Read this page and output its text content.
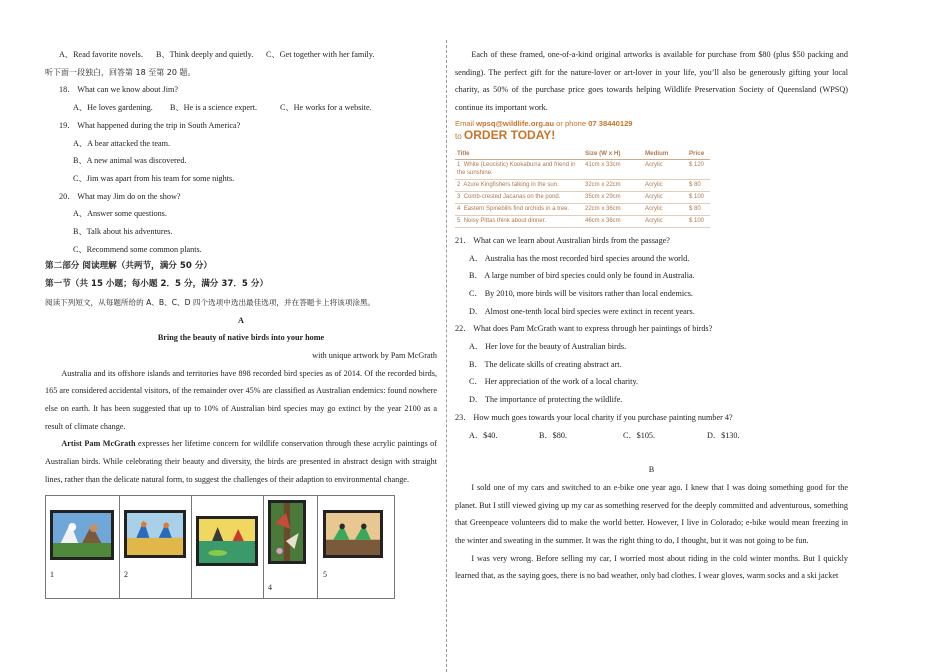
A、Read favorite novels.	B、Think deeply and quietly.	C、Get together with her family.
听下面一段独白，回答第 18 至第 20 题。
18． What can we know about Jim?
A、He loves gardening.	B、He is a science expert.	C、He works for a website.
19． What happened during the trip in South America?
A、A bear attacked the team.
B、A new animal was discovered.
C、Jim was apart from his team for some nights.
20． What may Jim do on the show?
A、Answer some questions.
B、Talk about his adventures.
C、Recommend some common plants.
第二部分 阅读理解（共两节，满分 50 分）
第一节（共 15 小题；每小题 2．5 分，满分 37．5 分）
阅读下列短文，从每题所给的 A、B、C、D 四个选项中选出最佳选项，并在答题卡上将该项涂黑。
A
Bring the beauty of native birds into your home
with unique artwork by Pam McGrath

Australia and its offshore islands and territories have 898 recorded bird species as of 2014. Of the recorded birds, 165 are considered accidental visitors, of the remainder over 45% are classified as Australian endemics: found nowhere else on earth. It has been suggested that up to 10% of Australian bird species may go extinct by the year 2100 as a result of climate change.

Artist Pam McGrath expresses her lifetime concern for wildlife conservation through these acrylic paintings of Australian birds. While celebrating their beauty and diversity, the birds are presented in abstract design with straight lines, rather than the delicate natural form, to suggest the challenges of their adaption to environmental change.

1	2
3
4
5

Each of these framed, one-of-a-kind original artworks is available for purchase from $80 (plus $50 packing and sending). The perfect gift for the nature-lover or art-lover in your life, you’ll also be generously gifting your local charity, as 50% of the purchase price goes towards helping Wildlife Preservation Society of Queensland (WPSQ) continue its important work.

Email wpsq@wildlife.org.au or phone 07 38440129
to ORDER TODAY!
Title	Size (W x H)	Medium	Price
1 White (Leucistic) Kookaburra and friend in the sunshine.	41cm x 33cm	Acrylic	$ 120
2 Azure Kingfishers talking in the sun.	32cm x 22cm	Acrylic	$ 80
3 Comb-crested Jacanas on the pond.	35cm x 29cm	Acrylic	$ 100
4 Eastern Spinebills find orchids in a tree.	22cm x 36cm	Acrylic	$ 80
5 Noisy Pittas think about dinner.	46cm x 36cm	Acrylic	$ 100
21． What can we learn about Australian birds from the passage?
A． Australia has the most recorded bird species around the world.
B． A large number of bird species could only be found in Australia.
C． By 2010, more birds will be visitors rather than local endemics.
D． Almost one-tenth local bird species were extinct in recent years.
22． What does Pam McGrath want to express through her paintings of birds?
A． Her love for the beauty of Australian birds.
B． The delicate skills of creating abstract art.
C． Her appreciation of the work of a local charity.
D． The importance of protecting the wildlife.
23． How much goes towards your local charity if you purchase painting number 4?
A．$40.	B．$80.	C．$105.	D．$130.
B

I sold one of my cars and switched to an e-bike one year ago. I knew that I was doing something good for the planet. But I still viewed giving up my car as something reserved for the deeply committed and adventurous, something that Greenpeace volunteers did to make the world better. However, I live in Colorado; e-bike would mean freezing in the winter and sweating in the summer. It was the right thing to do, I thought, but it was not going to be fun.

I was very wrong. Before selling my car, I worried most about riding in the cold winter months. But I quickly learned that, as the saying goes, there is no bad weather, only bad clothes. I wear gloves, warm socks and a ski jacket
